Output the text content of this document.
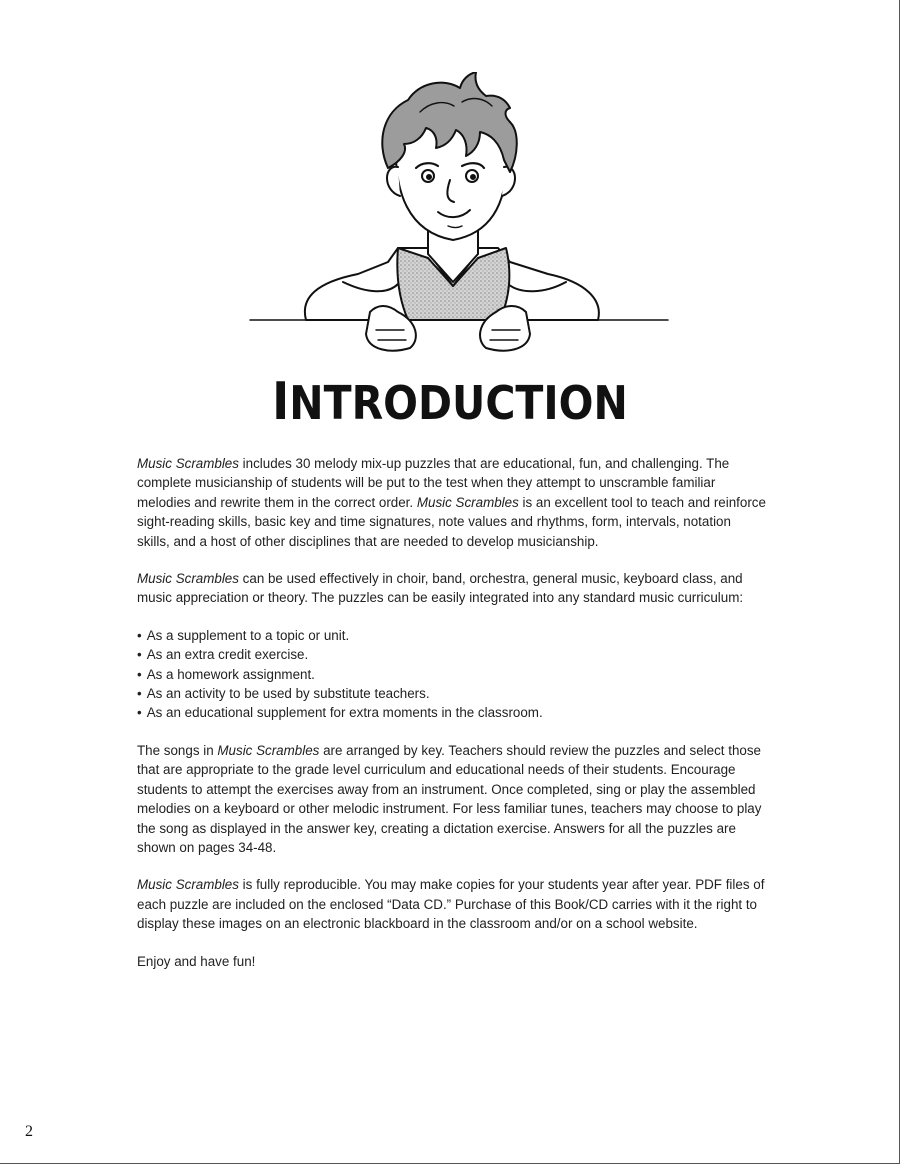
INTRODUCTION

Music Scrambles includes 30 melody mix-up puzzles that are educational, fun, and challenging. The complete musicianship of students will be put to the test when they attempt to unscramble familiar melodies and rewrite them in the correct order. Music Scrambles is an excellent tool to teach and reinforce sight-reading skills, basic key and time signatures, note values and rhythms, form, intervals, notation skills, and a host of other disciplines that are needed to develop musicianship.

Music Scrambles can be used effectively in choir, band, orchestra, general music, keyboard class, and music appreciation or theory. The puzzles can be easily integrated into any standard music curriculum:

• As a supplement to a topic or unit.
• As an extra credit exercise.
• As a homework assignment.
• As an activity to be used by substitute teachers.
• As an educational supplement for extra moments in the classroom.

The songs in Music Scrambles are arranged by key. Teachers should review the puzzles and select those that are appropriate to the grade level curriculum and educational needs of their students. Encourage students to attempt the exercises away from an instrument. Once completed, sing or play the assembled melodies on a keyboard or other melodic instrument. For less familiar tunes, teachers may choose to play the song as displayed in the answer key, creating a dictation exercise. Answers for all the puzzles are shown on pages 34-48.

Music Scrambles is fully reproducible. You may make copies for your students year after year. PDF files of each puzzle are included on the enclosed “Data CD.” Purchase of this Book/CD carries with it the right to display these images on an electronic blackboard in the classroom and/or on a school website.

Enjoy and have fun!

2
